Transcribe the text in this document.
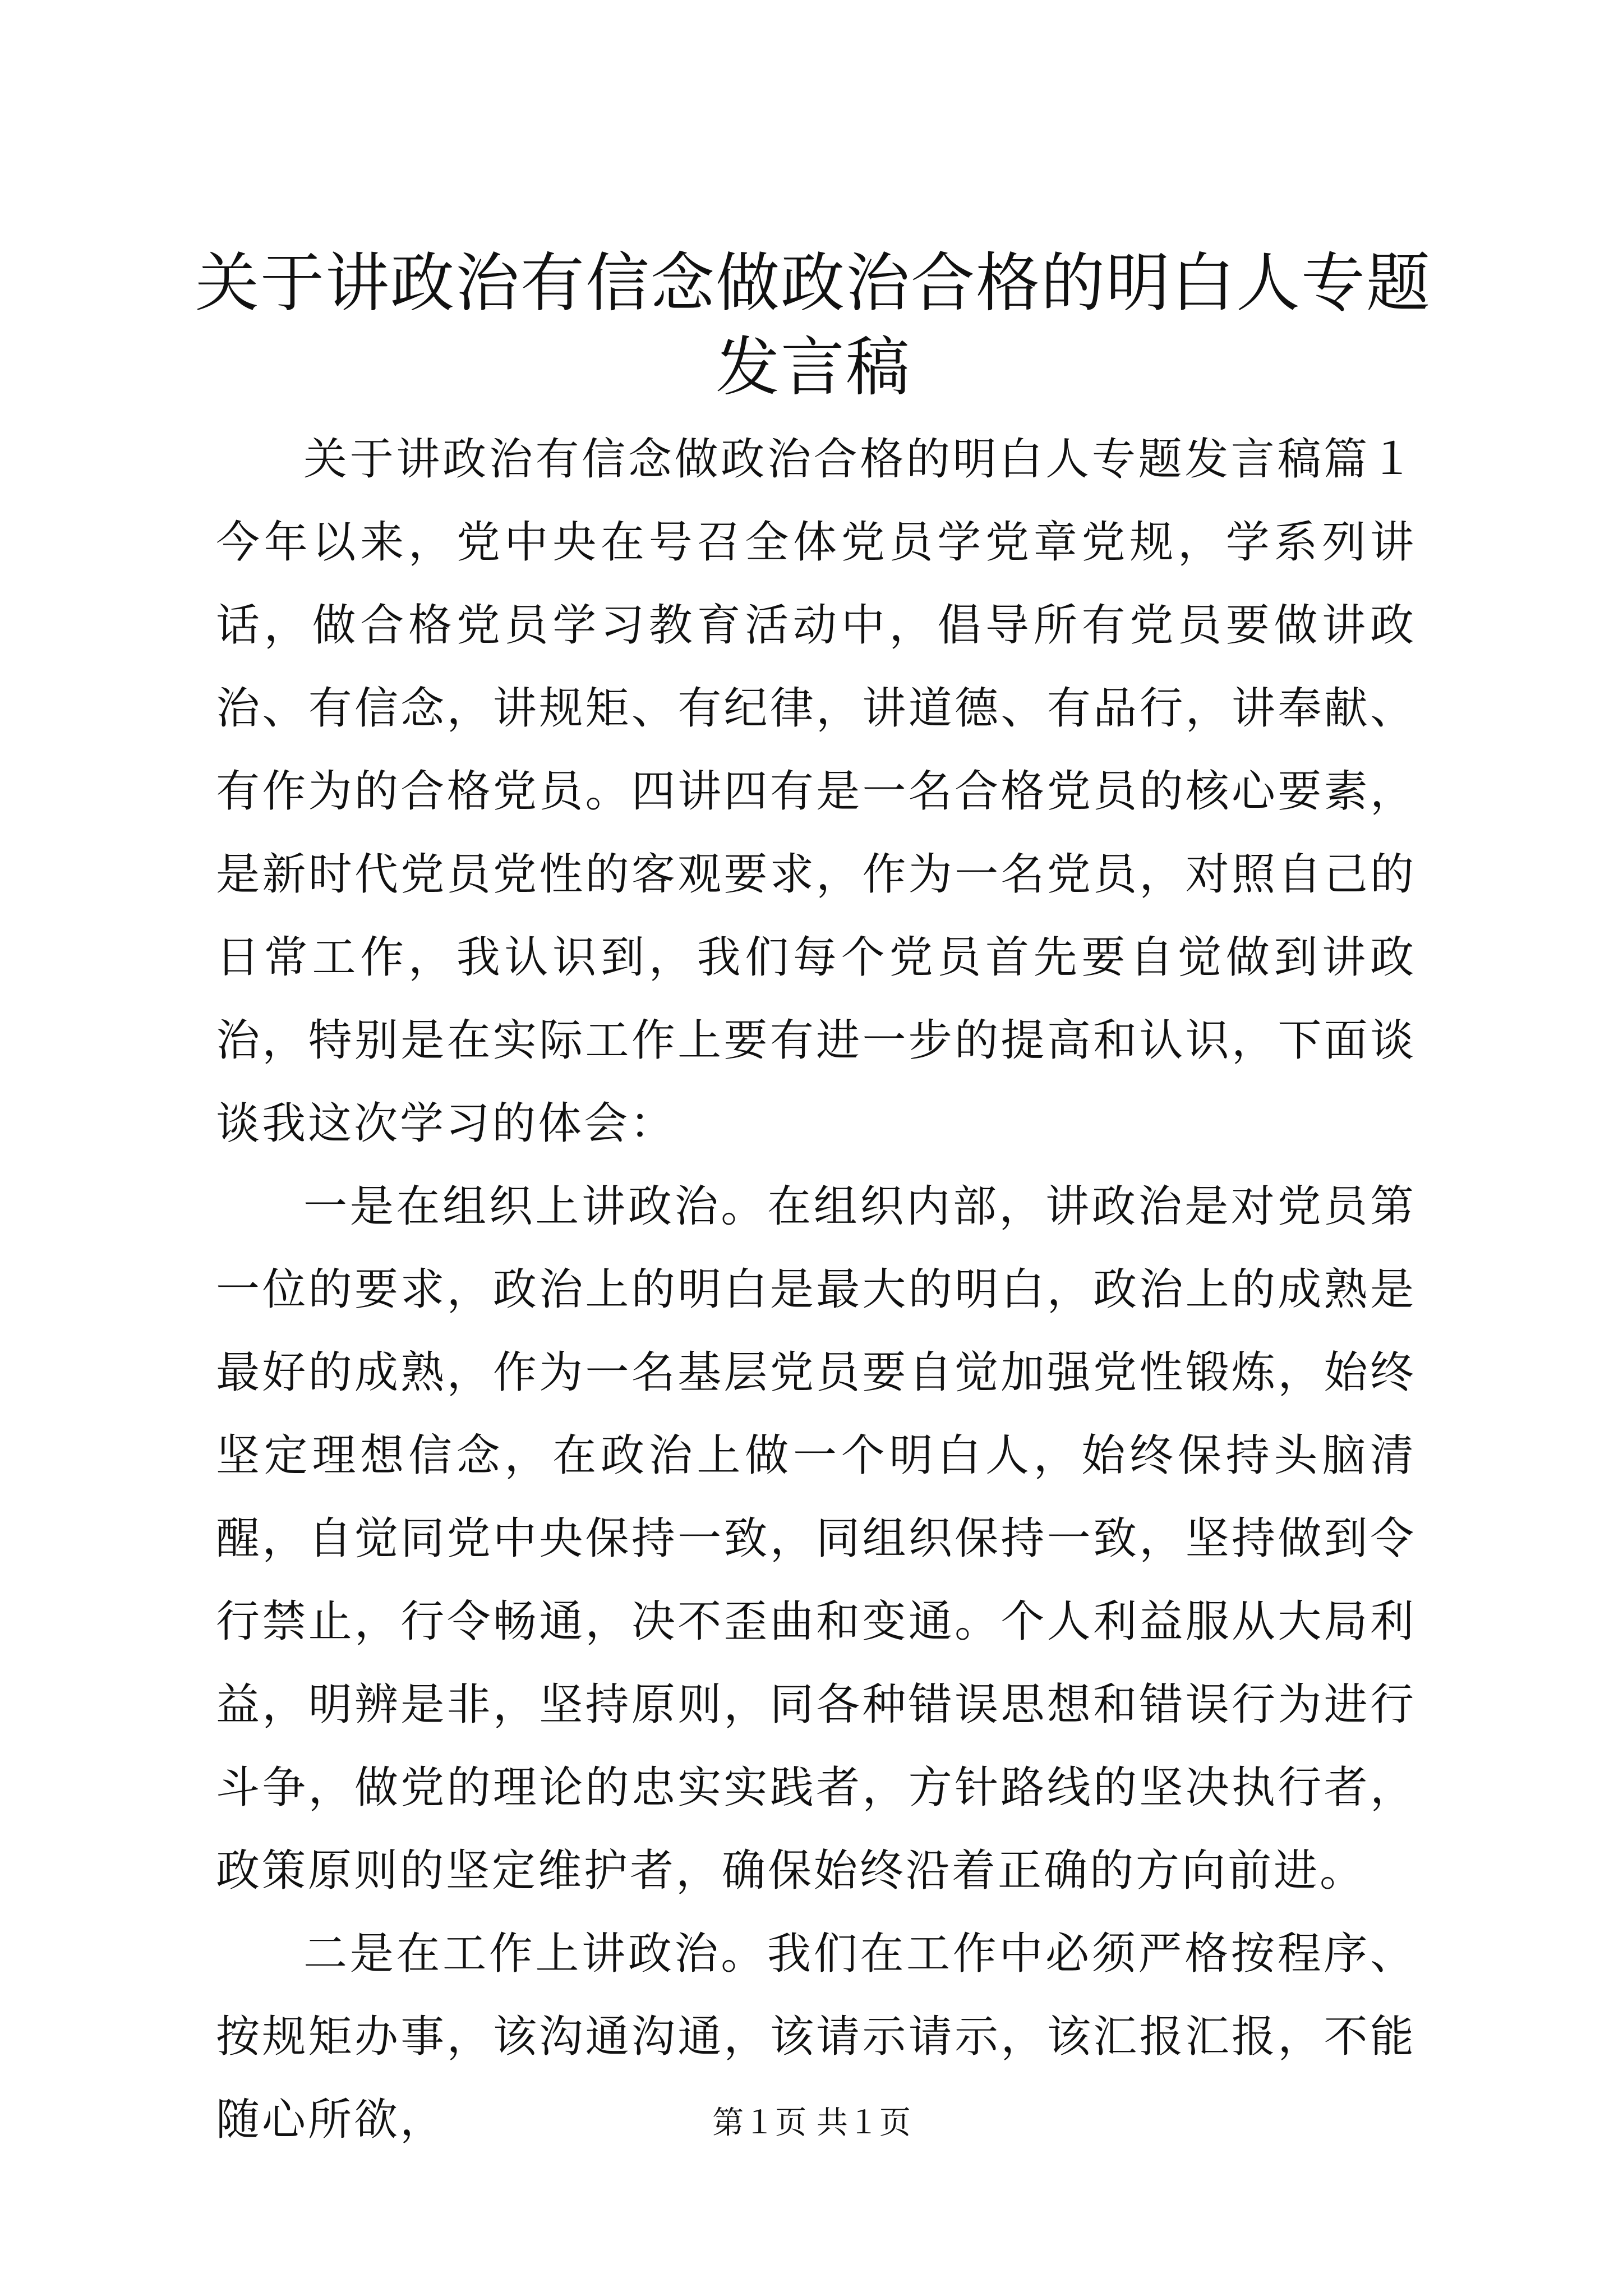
关于讲政治有信念做政治合格的明白人专题发言稿

关于讲政治有信念做政治合格的明白人专题发言稿篇１今年以来，党中央在号召全体党员学党章党规，学系列讲话，做合格党员学习教育活动中，倡导所有党员要做讲政治、有信念，讲规矩、有纪律，讲道德、有品行，讲奉献、有作为的合格党员。四讲四有是一名合格党员的核心要素，是新时代党员党性的客观要求，作为一名党员，对照自己的日常工作，我认识到，我们每个党员首先要自觉做到讲政治，特别是在实际工作上要有进一步的提高和认识，下面谈谈我这次学习的体会：

一是在组织上讲政治。在组织内部，讲政治是对党员第一位的要求，政治上的明白是最大的明白，政治上的成熟是最好的成熟，作为一名基层党员要自觉加强党性锻炼，始终坚定理想信念，在政治上做一个明白人，始终保持头脑清醒，自觉同党中央保持一致，同组织保持一致，坚持做到令行禁止，行令畅通，决不歪曲和变通。个人利益服从大局利益，明辨是非，坚持原则，同各种错误思想和错误行为进行斗争，做党的理论的忠实实践者，方针路线的坚决执行者，政策原则的坚定维护者，确保始终沿着正确的方向前进。

二是在工作上讲政治。我们在工作中必须严格按程序、按规矩办事，该沟通沟通，该请示请示，该汇报汇报，不能随心所欲，	第１页 共１页
